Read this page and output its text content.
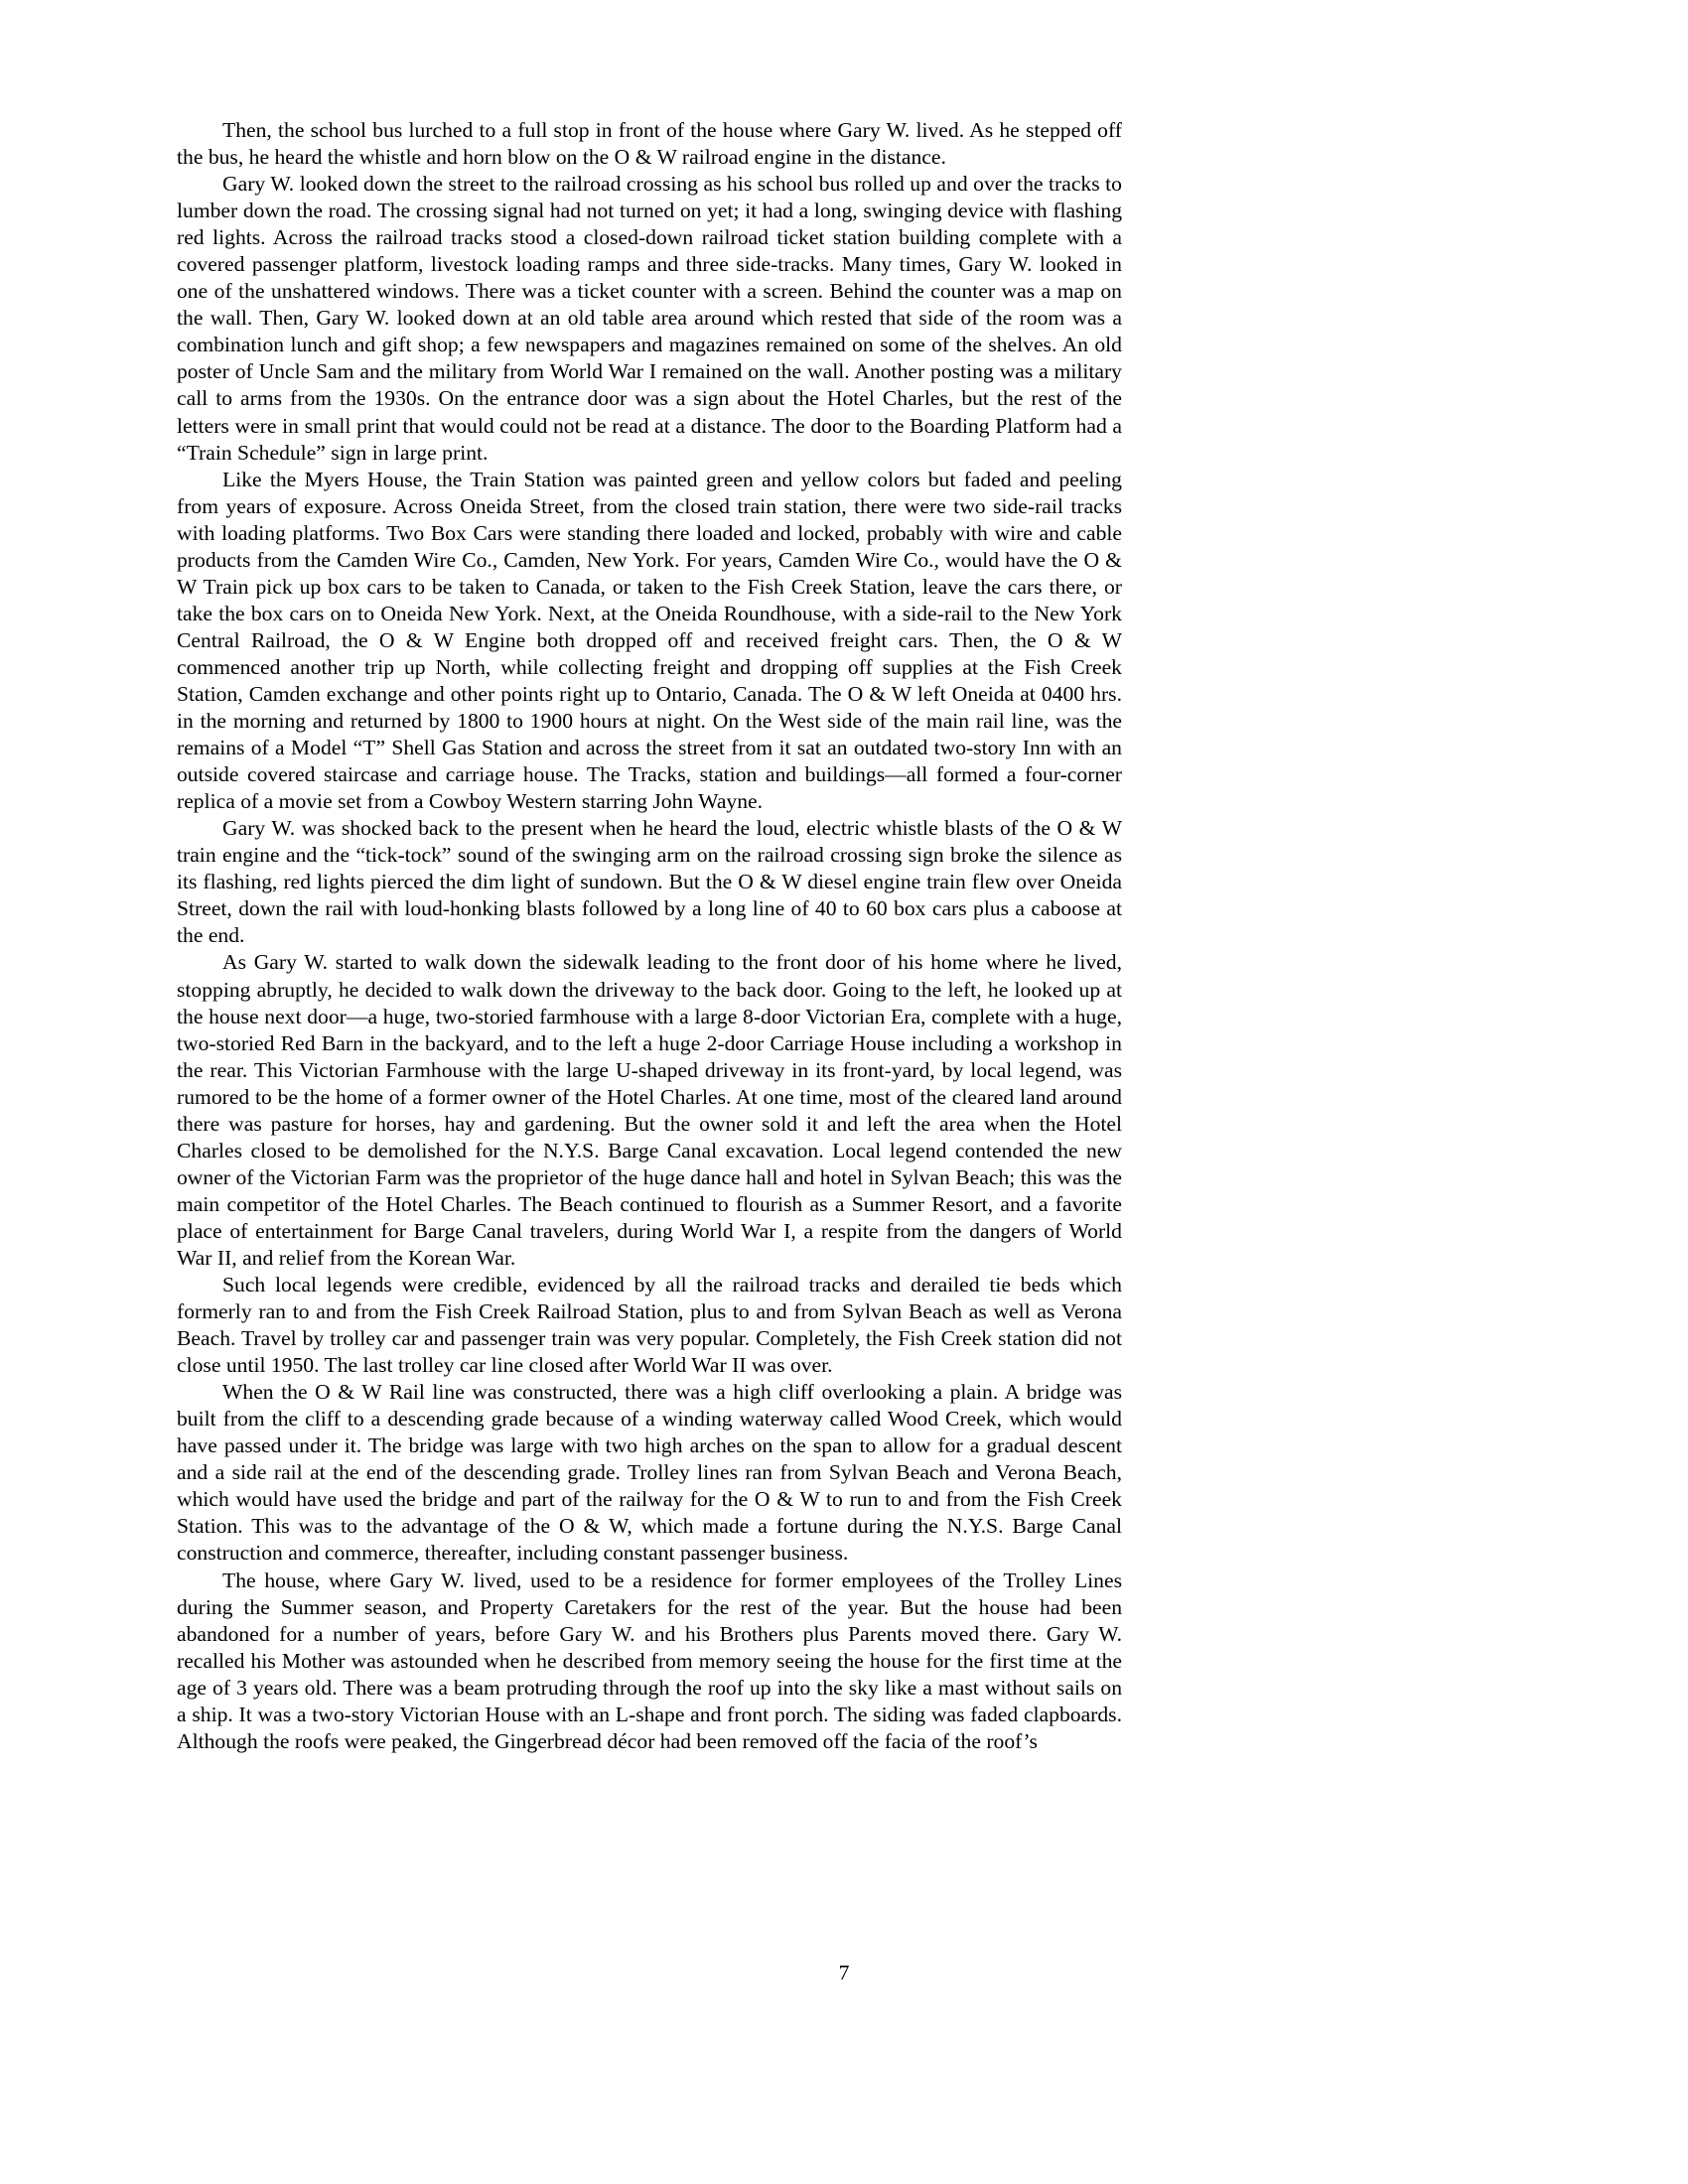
Then, the school bus lurched to a full stop in front of the house where Gary W. lived. As he stepped off the bus, he heard the whistle and horn blow on the O & W railroad engine in the distance.

Gary W. looked down the street to the railroad crossing as his school bus rolled up and over the tracks to lumber down the road. The crossing signal had not turned on yet; it had a long, swinging device with flashing red lights. Across the railroad tracks stood a closed-down railroad ticket station building complete with a covered passenger platform, livestock loading ramps and three side-tracks. Many times, Gary W. looked in one of the unshattered windows. There was a ticket counter with a screen. Behind the counter was a map on the wall. Then, Gary W. looked down at an old table area around which rested that side of the room was a combination lunch and gift shop; a few newspapers and magazines remained on some of the shelves. An old poster of Uncle Sam and the military from World War I remained on the wall. Another posting was a military call to arms from the 1930s. On the entrance door was a sign about the Hotel Charles, but the rest of the letters were in small print that would could not be read at a distance. The door to the Boarding Platform had a “Train Schedule” sign in large print.

Like the Myers House, the Train Station was painted green and yellow colors but faded and peeling from years of exposure. Across Oneida Street, from the closed train station, there were two side-rail tracks with loading platforms. Two Box Cars were standing there loaded and locked, probably with wire and cable products from the Camden Wire Co., Camden, New York. For years, Camden Wire Co., would have the O & W Train pick up box cars to be taken to Canada, or taken to the Fish Creek Station, leave the cars there, or take the box cars on to Oneida New York. Next, at the Oneida Roundhouse, with a side-rail to the New York Central Railroad, the O & W Engine both dropped off and received freight cars. Then, the O & W commenced another trip up North, while collecting freight and dropping off supplies at the Fish Creek Station, Camden exchange and other points right up to Ontario, Canada. The O & W left Oneida at 0400 hrs. in the morning and returned by 1800 to 1900 hours at night. On the West side of the main rail line, was the remains of a Model “T” Shell Gas Station and across the street from it sat an outdated two-story Inn with an outside covered staircase and carriage house. The Tracks, station and buildings—all formed a four-corner replica of a movie set from a Cowboy Western starring John Wayne.

Gary W. was shocked back to the present when he heard the loud, electric whistle blasts of the O & W train engine and the “tick-tock” sound of the swinging arm on the railroad crossing sign broke the silence as its flashing, red lights pierced the dim light of sundown. But the O & W diesel engine train flew over Oneida Street, down the rail with loud-honking blasts followed by a long line of 40 to 60 box cars plus a caboose at the end.

As Gary W. started to walk down the sidewalk leading to the front door of his home where he lived, stopping abruptly, he decided to walk down the driveway to the back door. Going to the left, he looked up at the house next door—a huge, two-storied farmhouse with a large 8-door Victorian Era, complete with a huge, two-storied Red Barn in the backyard, and to the left a huge 2-door Carriage House including a workshop in the rear. This Victorian Farmhouse with the large U-shaped driveway in its front-yard, by local legend, was rumored to be the home of a former owner of the Hotel Charles. At one time, most of the cleared land around there was pasture for horses, hay and gardening. But the owner sold it and left the area when the Hotel Charles closed to be demolished for the N.Y.S. Barge Canal excavation. Local legend contended the new owner of the Victorian Farm was the proprietor of the huge dance hall and hotel in Sylvan Beach; this was the main competitor of the Hotel Charles. The Beach continued to flourish as a Summer Resort, and a favorite place of entertainment for Barge Canal travelers, during World War I, a respite from the dangers of World War II, and relief from the Korean War.

Such local legends were credible, evidenced by all the railroad tracks and derailed tie beds which formerly ran to and from the Fish Creek Railroad Station, plus to and from Sylvan Beach as well as Verona Beach. Travel by trolley car and passenger train was very popular. Completely, the Fish Creek station did not close until 1950. The last trolley car line closed after World War II was over.

When the O & W Rail line was constructed, there was a high cliff overlooking a plain. A bridge was built from the cliff to a descending grade because of a winding waterway called Wood Creek, which would have passed under it. The bridge was large with two high arches on the span to allow for a gradual descent and a side rail at the end of the descending grade. Trolley lines ran from Sylvan Beach and Verona Beach, which would have used the bridge and part of the railway for the O & W to run to and from the Fish Creek Station. This was to the advantage of the O & W, which made a fortune during the N.Y.S. Barge Canal construction and commerce, thereafter, including constant passenger business.

The house, where Gary W. lived, used to be a residence for former employees of the Trolley Lines during the Summer season, and Property Caretakers for the rest of the year. But the house had been abandoned for a number of years, before Gary W. and his Brothers plus Parents moved there. Gary W. recalled his Mother was astounded when he described from memory seeing the house for the first time at the age of 3 years old. There was a beam protruding through the roof up into the sky like a mast without sails on a ship. It was a two-story Victorian House with an L-shape and front porch. The siding was faded clapboards. Although the roofs were peaked, the Gingerbread décor had been removed off the facia of the roof’s

7
